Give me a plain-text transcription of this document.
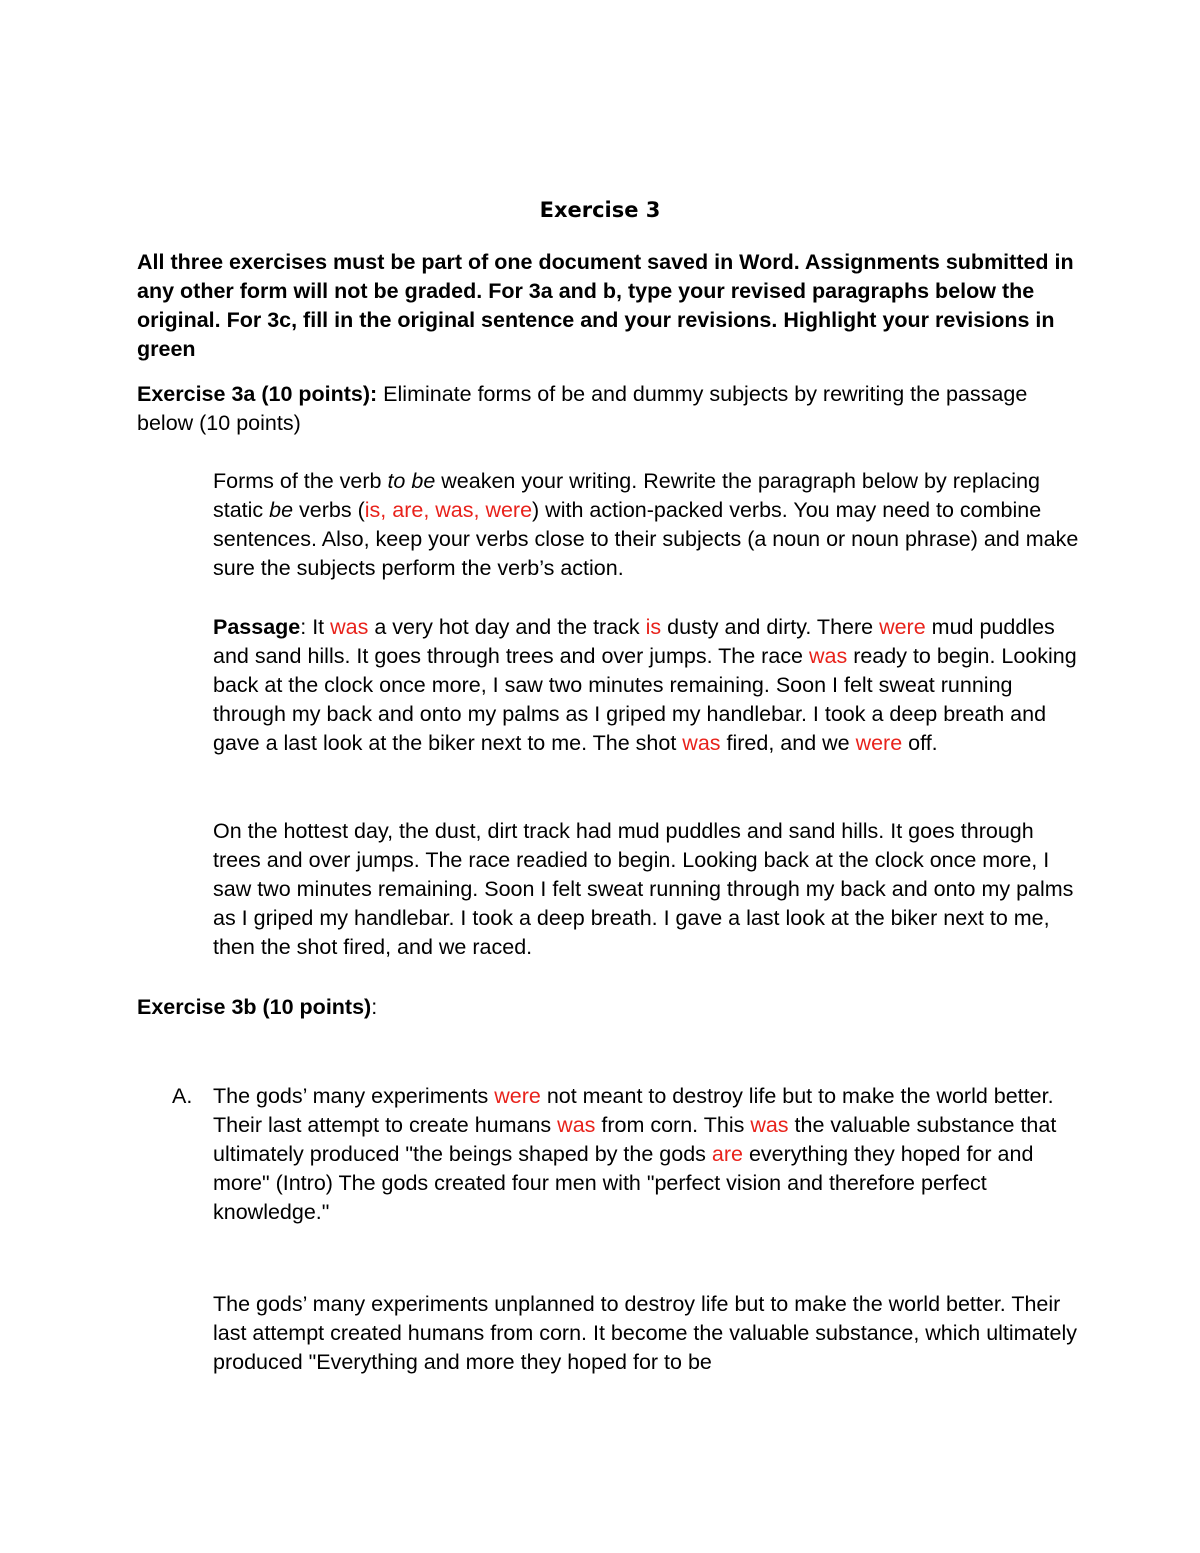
Exercise 3

All three exercises must be part of one document saved in Word. Assignments submitted in any other form will not be graded. For 3a and b, type your revised paragraphs below the original. For 3c, fill in the original sentence and your revisions. Highlight your revisions in green

Exercise 3a (10 points): Eliminate forms of be and dummy subjects by rewriting the passage below (10 points)

Forms of the verb to be weaken your writing. Rewrite the paragraph below by replacing static be verbs (is, are, was, were) with action-packed verbs. You may need to combine sentences. Also, keep your verbs close to their subjects (a noun or noun phrase) and make sure the subjects perform the verb’s action.

Passage: It was a very hot day and the track is dusty and dirty. There were mud puddles and sand hills. It goes through trees and over jumps. The race was ready to begin. Looking back at the clock once more, I saw two minutes remaining. Soon I felt sweat running through my back and onto my palms as I griped my handlebar. I took a deep breath and gave a last look at the biker next to me. The shot was fired, and we were off.

On the hottest day, the dust, dirt track had mud puddles and sand hills. It goes through trees and over jumps. The race readied to begin. Looking back at the clock once more, I saw two minutes remaining. Soon I felt sweat running through my back and onto my palms as I griped my handlebar. I took a deep breath. I gave a last look at the biker next to me, then the shot fired, and we raced.

Exercise 3b (10 points):

A. The gods’ many experiments were not meant to destroy life but to make the world better. Their last attempt to create humans was from corn. This was the valuable substance that ultimately produced "the beings shaped by the gods are everything they hoped for and more" (Intro) The gods created four men with "perfect vision and therefore perfect knowledge."

The gods’ many experiments unplanned to destroy life but to make the world better. Their last attempt created humans from corn. It become the valuable substance, which ultimately produced "Everything and more they hoped for to be
